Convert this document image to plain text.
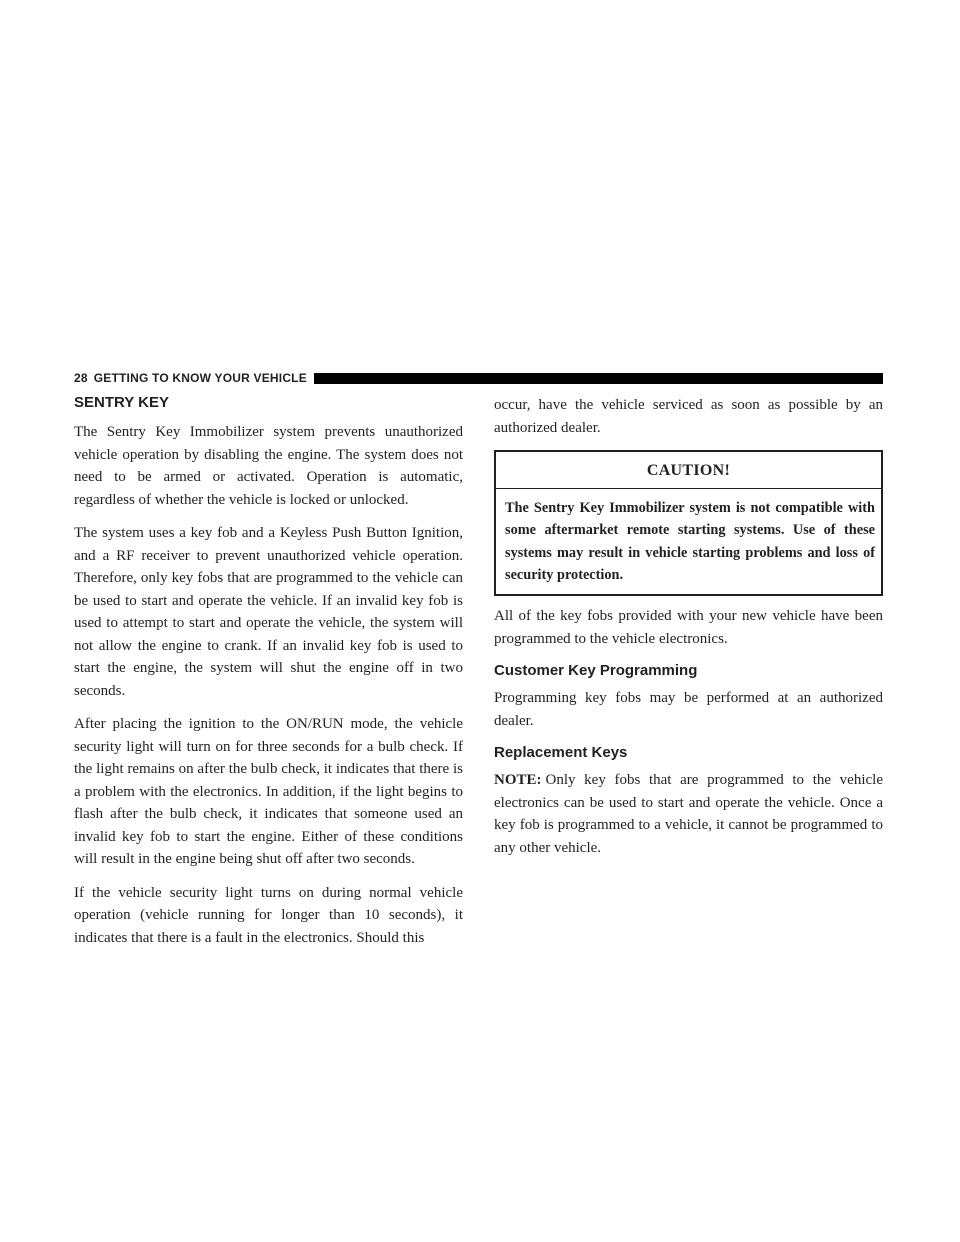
28 GETTING TO KNOW YOUR VEHICLE
SENTRY KEY

The Sentry Key Immobilizer system prevents unauthorized vehicle operation by disabling the engine. The system does not need to be armed or activated. Operation is automatic, regardless of whether the vehicle is locked or unlocked.

The system uses a key fob and a Keyless Push Button Ignition, and a RF receiver to prevent unauthorized vehicle operation. Therefore, only key fobs that are programmed to the vehicle can be used to start and operate the vehicle. If an invalid key fob is used to attempt to start and operate the vehicle, the system will not allow the engine to crank. If an invalid key fob is used to start the engine, the system will shut the engine off in two seconds.

After placing the ignition to the ON/RUN mode, the vehicle security light will turn on for three seconds for a bulb check. If the light remains on after the bulb check, it indicates that there is a problem with the electronics. In addition, if the light begins to flash after the bulb check, it indicates that someone used an invalid key fob to start the engine. Either of these conditions will result in the engine being shut off after two seconds.

If the vehicle security light turns on during normal vehicle operation (vehicle running for longer than 10 seconds), it indicates that there is a fault in the electronics. Should this

occur, have the vehicle serviced as soon as possible by an authorized dealer.

CAUTION!
The Sentry Key Immobilizer system is not compatible with some aftermarket remote starting systems. Use of these systems may result in vehicle starting problems and loss of security protection.

All of the key fobs provided with your new vehicle have been programmed to the vehicle electronics.

Customer Key Programming

Programming key fobs may be performed at an authorized dealer.

Replacement Keys

NOTE: Only key fobs that are programmed to the vehicle electronics can be used to start and operate the vehicle. Once a key fob is programmed to a vehicle, it cannot be programmed to any other vehicle.
